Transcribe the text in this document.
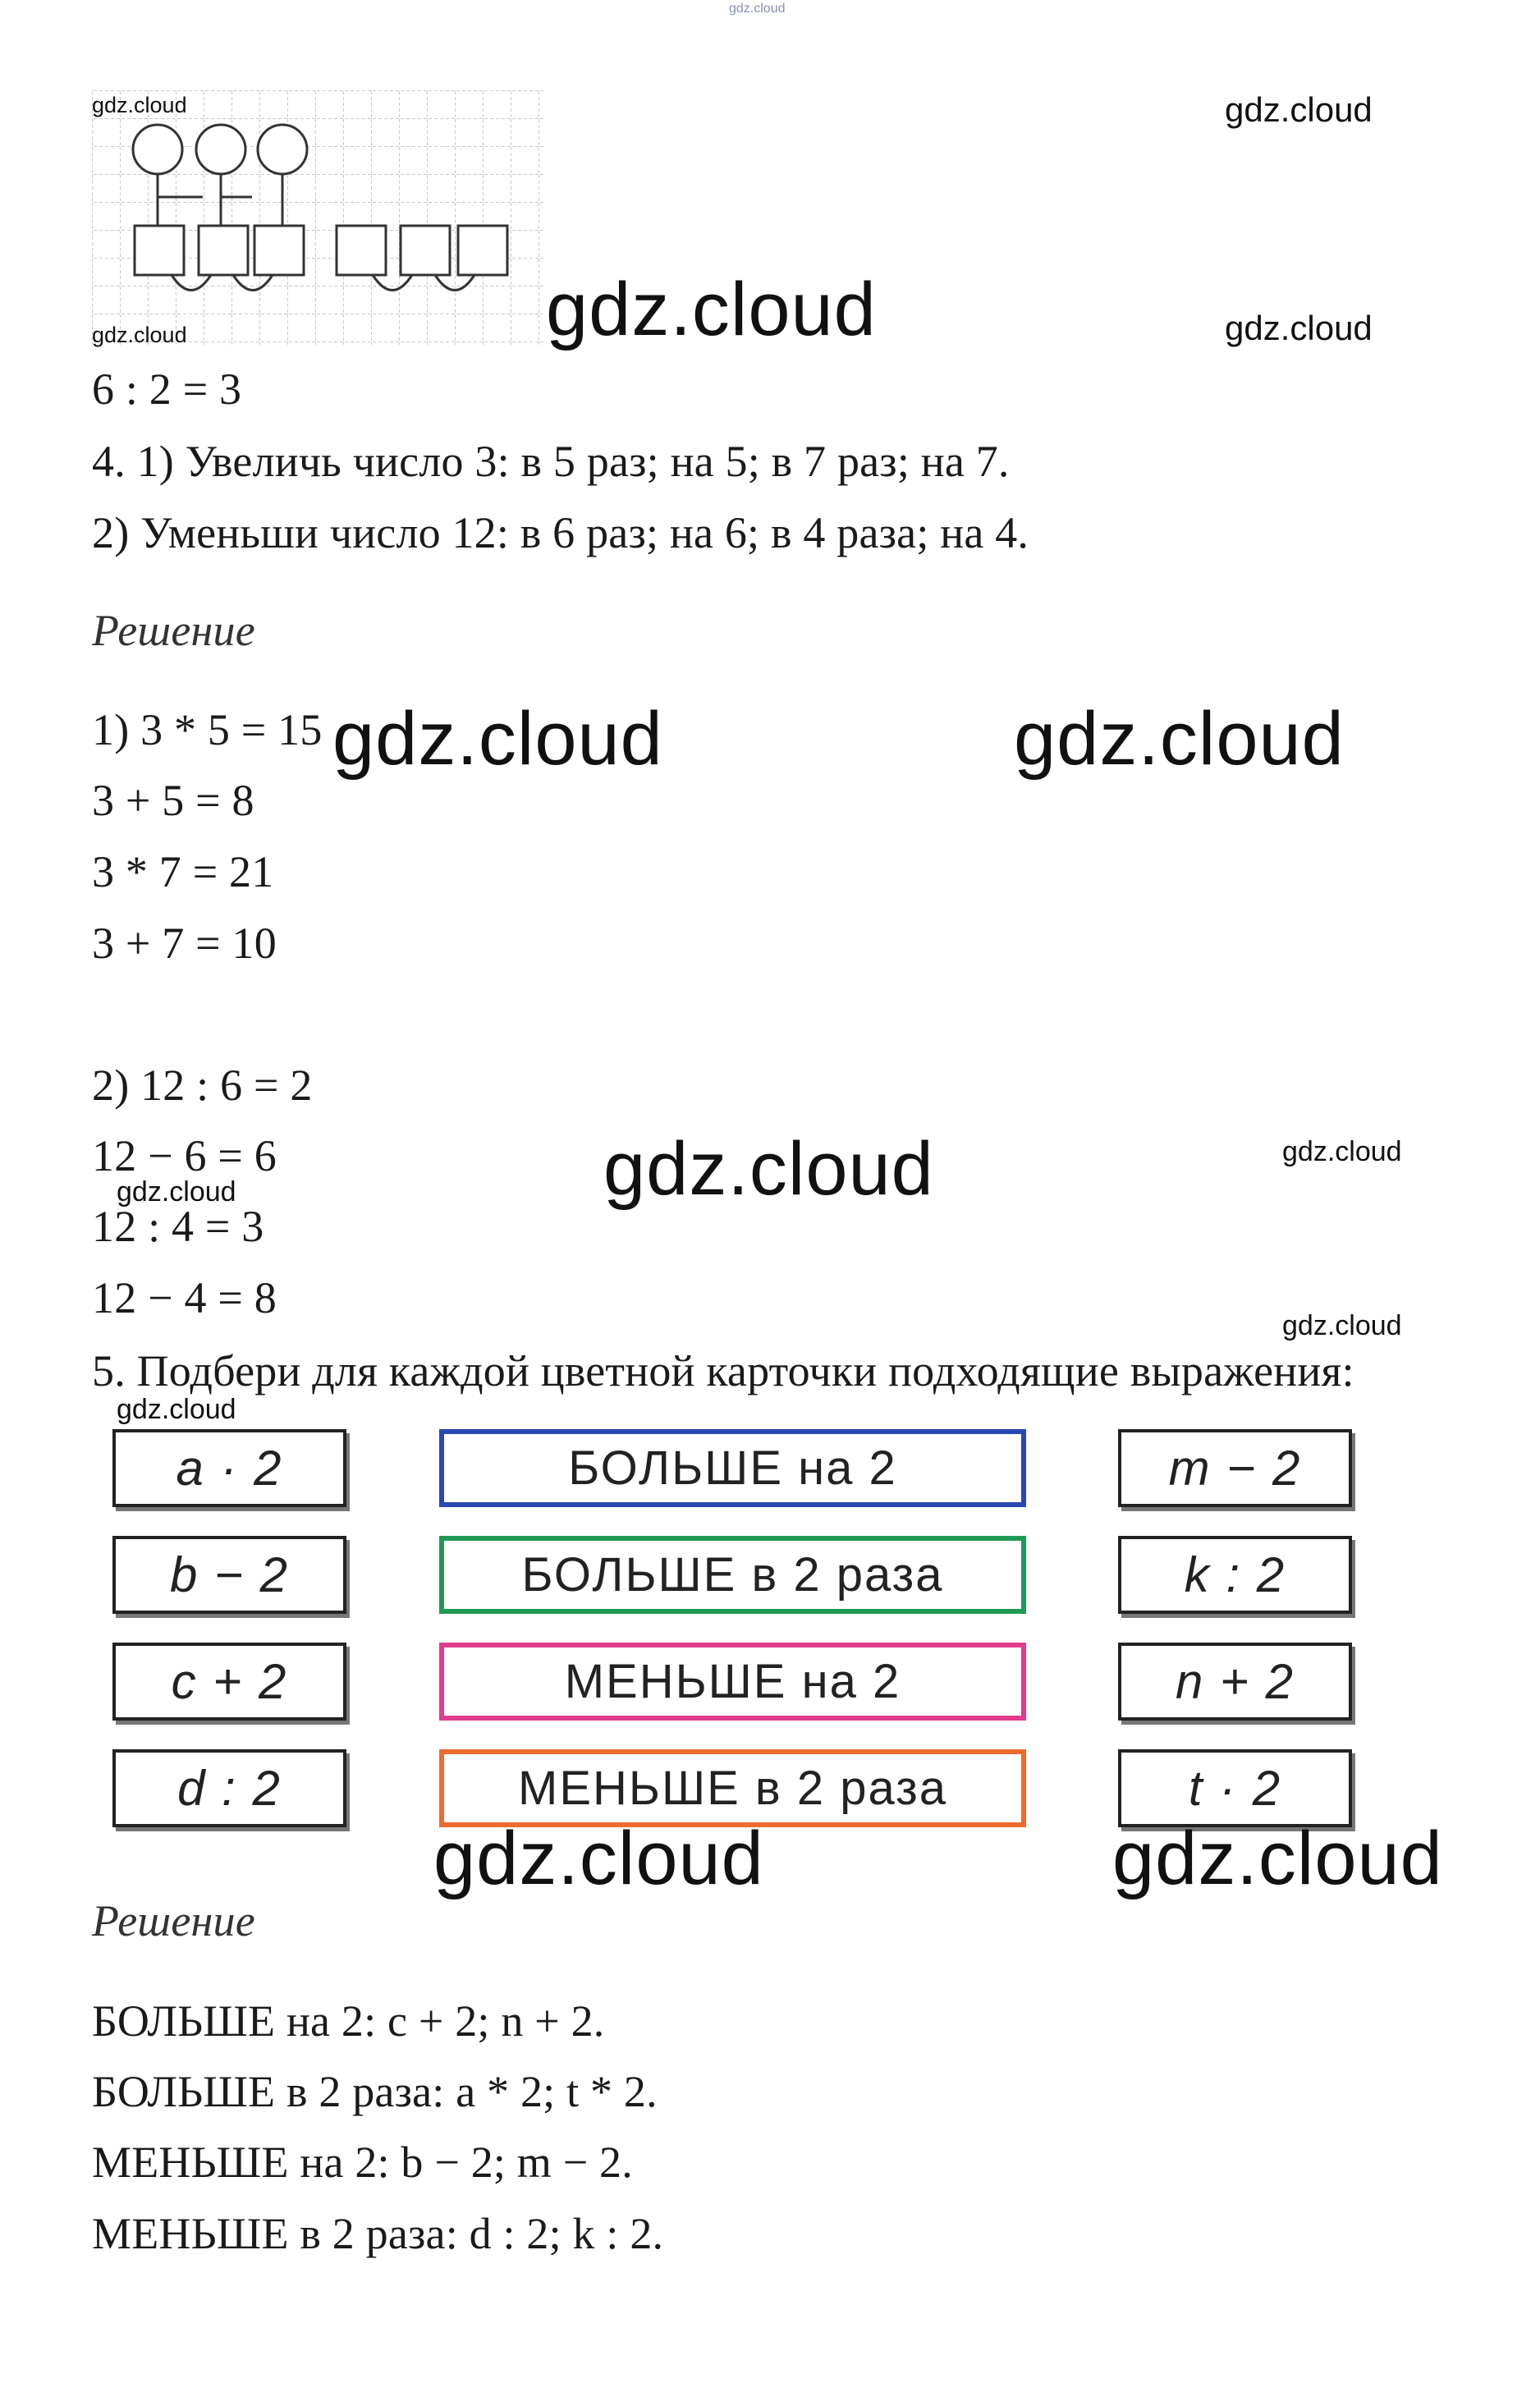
gdz.cloud
gdz.cloud
gdz.cloud
gdz.cloud
gdz.cloud
gdz.cloud
6 : 2 = 3
4. 1) Увеличь число 3: в 5 раз; на 5; в 7 раз; на 7.
2) Уменьши число 12: в 6 раз; на 6; в 4 раза; на 4.
Решение
1) 3 * 5 = 15
3 + 5 = 8
3 * 7 = 21
3 + 7 = 10
gdz.cloud	gdz.cloud
2) 12 : 6 = 2
12 − 6 = 6
12 : 4 = 3
12 − 4 = 8
gdz.cloud	gdz.cloud
gdz.cloud
gdz.cloud
5. Подбери для каждой цветной карточки подходящие выражения:
gdz.cloud
a · 2
b − 2
c + 2
d : 2
БОЛЬШЕ на 2
БОЛЬШЕ в 2 раза
МЕНЬШЕ на 2
МЕНЬШЕ в 2 раза
m − 2
k : 2
n + 2
t · 2
gdz.cloud	gdz.cloud
Решение
БОЛЬШЕ на 2: c + 2; n + 2.
БОЛЬШЕ в 2 раза: a * 2; t * 2.
МЕНЬШЕ на 2: b − 2; m − 2.
МЕНЬШЕ в 2 раза: d : 2; k : 2.
